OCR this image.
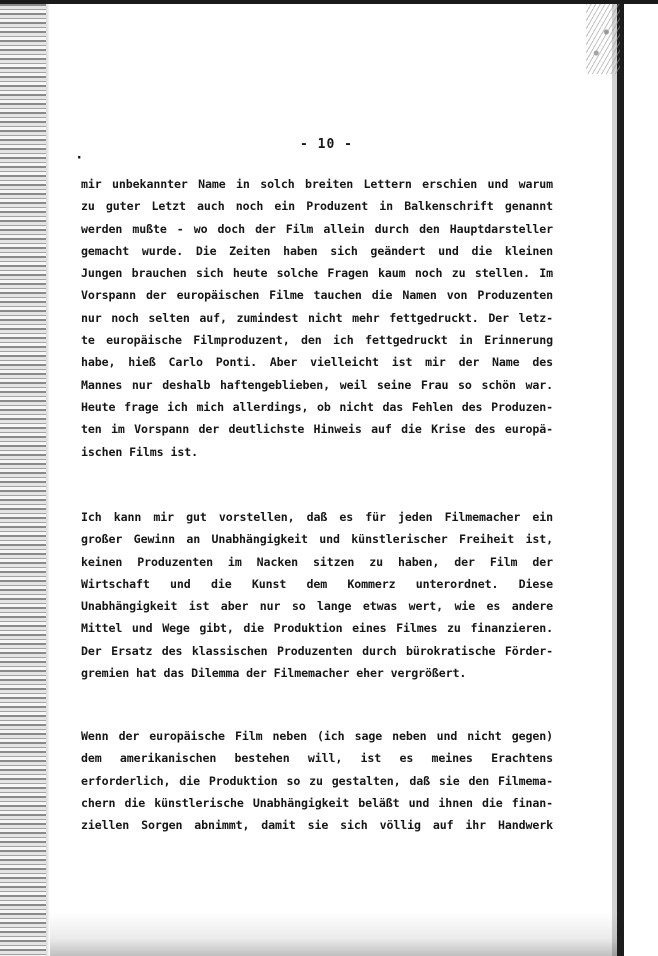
- 10 -
·
mir unbekannter Name in solch breiten Lettern erschien und warum
zu guter Letzt auch noch ein Produzent in Balkenschrift genannt
werden mußte - wo doch der Film allein durch den Hauptdarsteller
gemacht wurde. Die Zeiten haben sich geändert und die kleinen
Jungen brauchen sich heute solche Fragen kaum noch zu stellen. Im
Vorspann der europäischen Filme tauchen die Namen von Produzenten
nur noch selten auf, zumindest nicht mehr fettgedruckt. Der letz-
te europäische Filmproduzent, den ich fettgedruckt in Erinnerung
habe, hieß Carlo Ponti. Aber vielleicht ist mir der Name des
Mannes nur deshalb haftengeblieben, weil seine Frau so schön war.
Heute frage ich mich allerdings, ob nicht das Fehlen des Produzen-
ten im Vorspann der deutlichste Hinweis auf die Krise des europä-
ischen Films ist.
Ich kann mir gut vorstellen, daß es für jeden Filmemacher ein
großer Gewinn an Unabhängigkeit und künstlerischer Freiheit ist,
keinen Produzenten im Nacken sitzen zu haben, der Film der
Wirtschaft und die Kunst dem Kommerz unterordnet. Diese
Unabhängigkeit ist aber nur so lange etwas wert, wie es andere
Mittel und Wege gibt, die Produktion eines Filmes zu finanzieren.
Der Ersatz des klassischen Produzenten durch bürokratische Förder-
gremien hat das Dilemma der Filmemacher eher vergrößert.
Wenn der europäische Film neben (ich sage neben und nicht gegen)
dem amerikanischen bestehen will, ist es meines Erachtens
erforderlich, die Produktion so zu gestalten, daß sie den Filmema-
chern die künstlerische Unabhängigkeit beläßt und ihnen die finan-
ziellen Sorgen abnimmt, damit sie sich völlig auf ihr Handwerk
